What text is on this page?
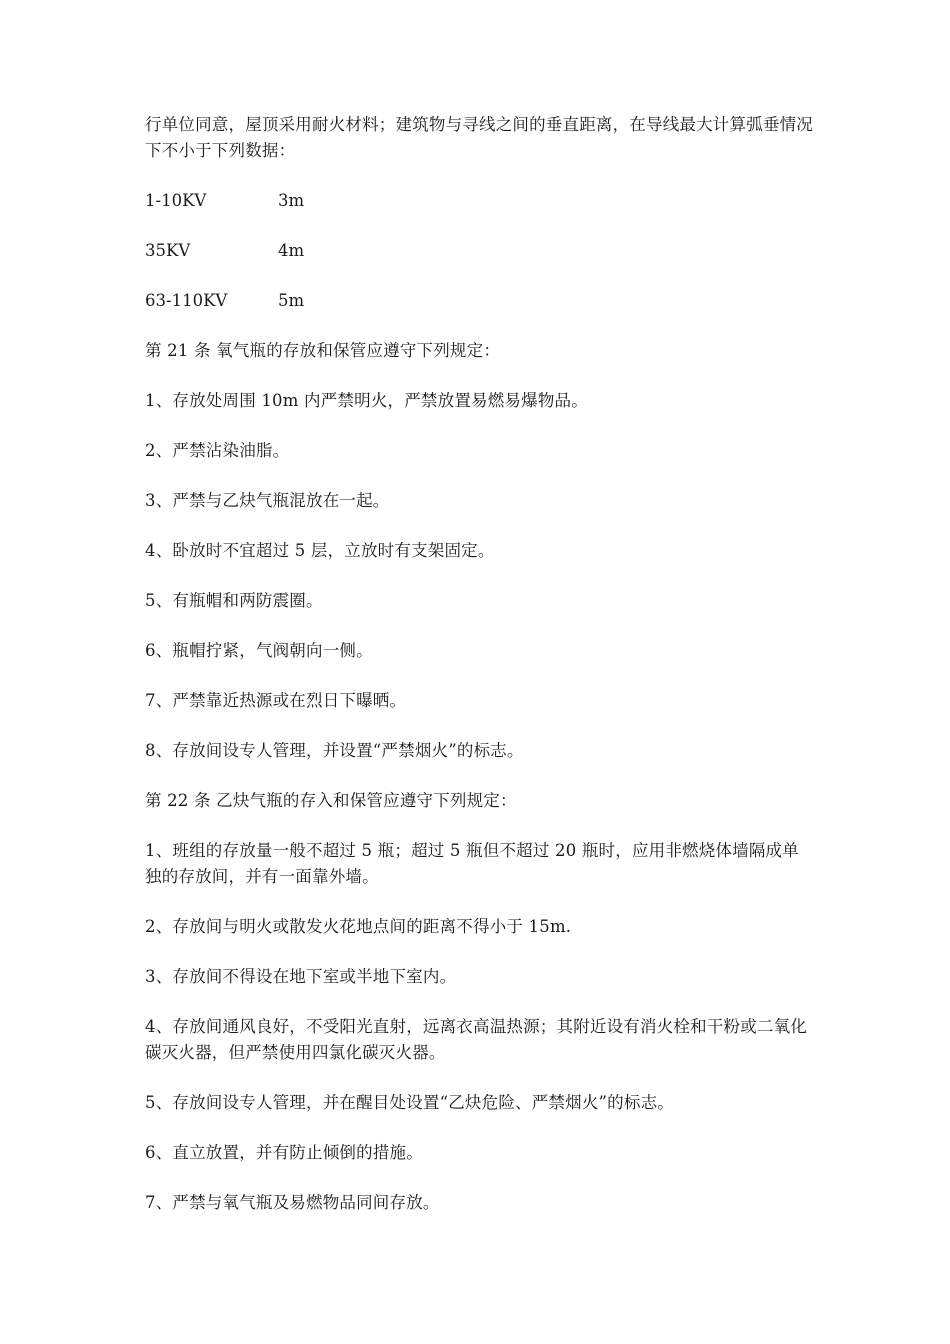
行单位同意，屋顶采用耐火材料；建筑物与寻线之间的垂直距离，在导线最大计算弧垂情况下不小于下列数据：

1-10KV	3m
35KV	4m
63-110KV	5m

第 21 条 氧气瓶的存放和保管应遵守下列规定：

1、存放处周围 10m 内严禁明火，严禁放置易燃易爆物品。

2、严禁沾染油脂。

3、严禁与乙炔气瓶混放在一起。

4、卧放时不宜超过 5 层，立放时有支架固定。

5、有瓶帽和两防震圈。

6、瓶帽拧紧，气阀朝向一侧。

7、严禁靠近热源或在烈日下曝晒。

8、存放间设专人管理，并设置“严禁烟火”的标志。

第 22 条 乙炔气瓶的存入和保管应遵守下列规定：

1、班组的存放量一般不超过 5 瓶；超过 5 瓶但不超过 20 瓶时，应用非燃烧体墙隔成单独的存放间，并有一面靠外墙。

2、存放间与明火或散发火花地点间的距离不得小于 15m.

3、存放间不得设在地下室或半地下室内。

4、存放间通风良好，不受阳光直射，远离衣高温热源；其附近设有消火栓和干粉或二氧化碳灭火器，但严禁使用四氯化碳灭火器。

5、存放间设专人管理，并在醒目处设置“乙炔危险、严禁烟火”的标志。

6、直立放置，并有防止倾倒的措施。

7、严禁与氧气瓶及易燃物品同间存放。
